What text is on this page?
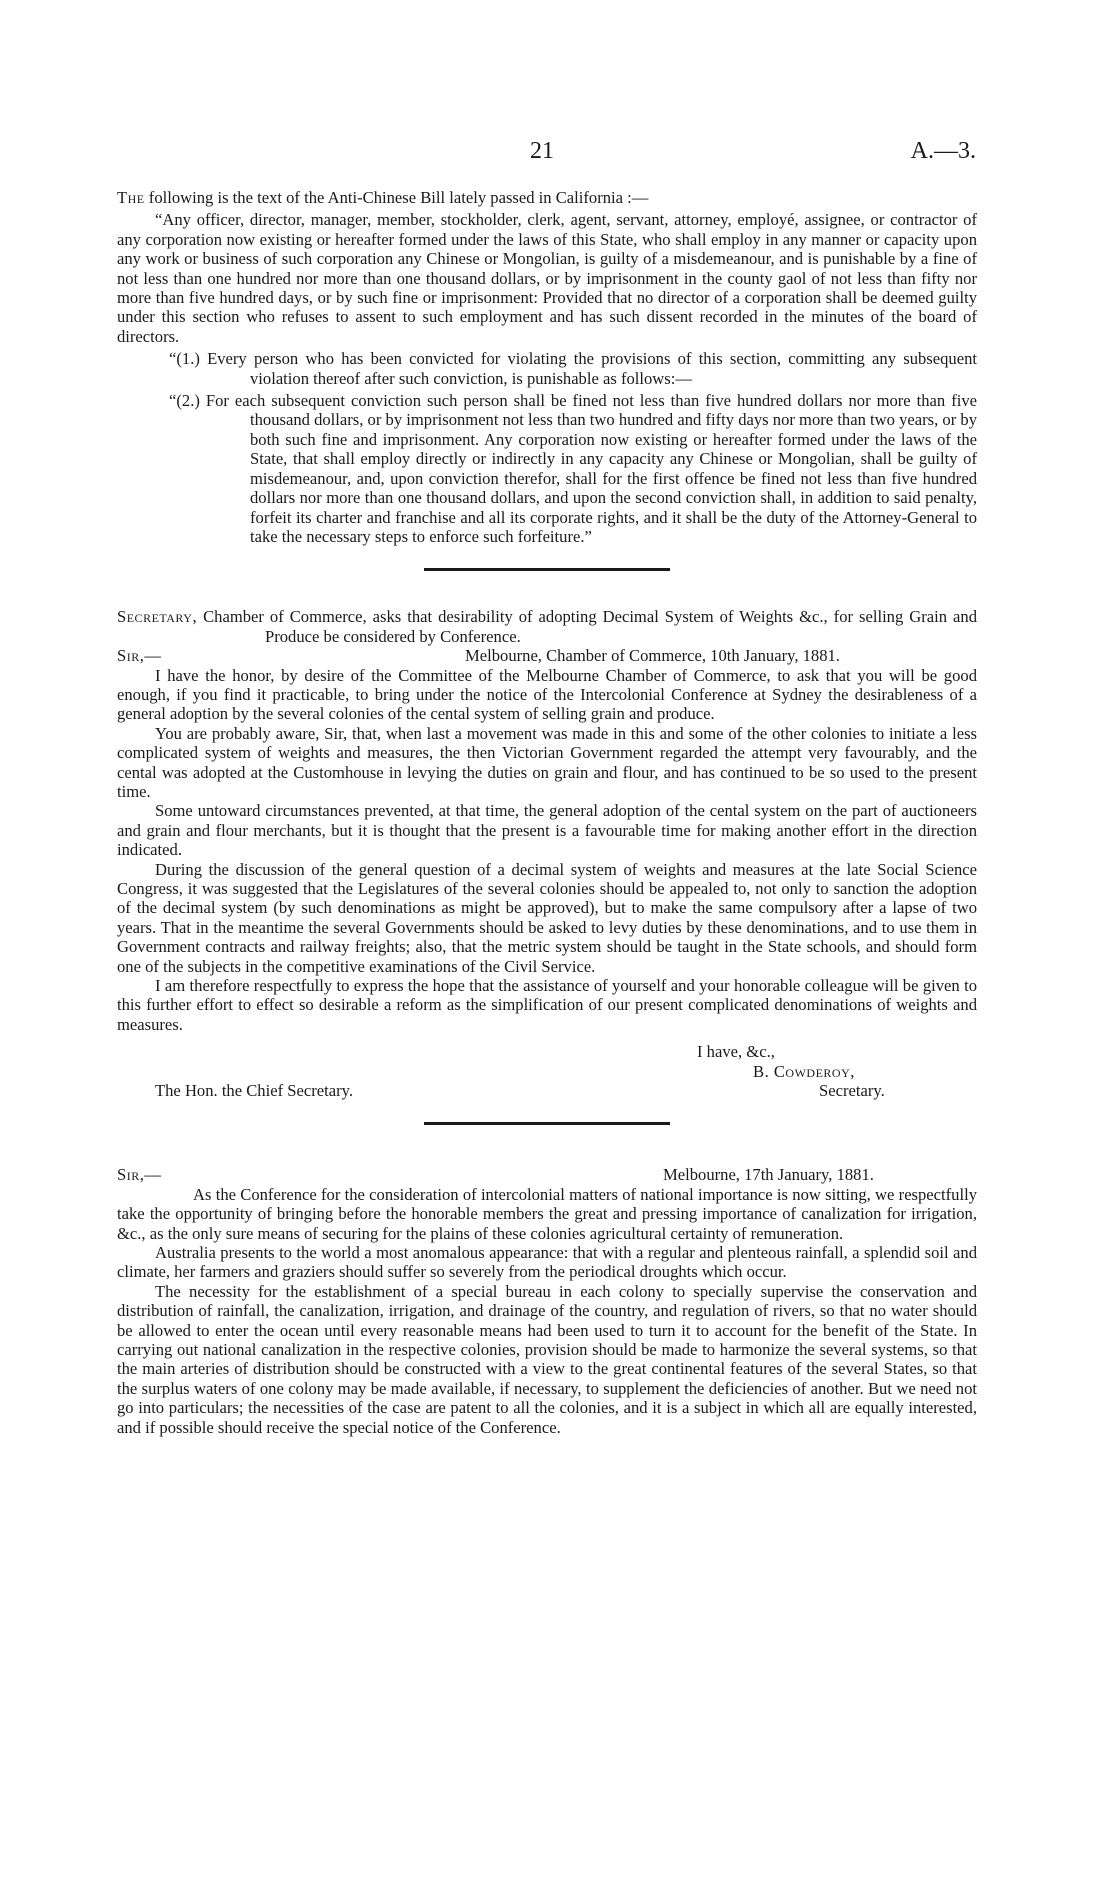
21	A.—3.

The following is the text of the Anti-Chinese Bill lately passed in California :—

“Any officer, director, manager, member, stockholder, clerk, agent, servant, attorney, employé, assignee, or contractor of any corporation now existing or hereafter formed under the laws of this State, who shall employ in any manner or capacity upon any work or business of such corporation any Chinese or Mongolian, is guilty of a misdemeanour, and is punishable by a fine of not less than one hundred nor more than one thousand dollars, or by imprisonment in the county gaol of not less than fifty nor more than five hundred days, or by such fine or imprisonment: Provided that no director of a corporation shall be deemed guilty under this section who refuses to assent to such employment and has such dissent recorded in the minutes of the board of directors.

“(1.) Every person who has been convicted for violating the provisions of this section, committing any subsequent violation thereof after such conviction, is punishable as follows:—

“(2.) For each subsequent conviction such person shall be fined not less than five hundred dollars nor more than five thousand dollars, or by imprisonment not less than two hundred and fifty days nor more than two years, or by both such fine and imprisonment. Any corporation now existing or hereafter formed under the laws of the State, that shall employ directly or indirectly in any capacity any Chinese or Mongolian, shall be guilty of misdemeanour, and, upon conviction therefor, shall for the first offence be fined not less than five hundred dollars nor more than one thousand dollars, and upon the second conviction shall, in addition to said penalty, forfeit its charter and franchise and all its corporate rights, and it shall be the duty of the Attorney-General to take the necessary steps to enforce such forfeiture.”

Secretary, Chamber of Commerce, asks that desirability of adopting Decimal System of Weights &c., for selling Grain and Produce be considered by Conference.

Sir,—	Melbourne, Chamber of Commerce, 10th January, 1881.

I have the honor, by desire of the Committee of the Melbourne Chamber of Commerce, to ask that you will be good enough, if you find it practicable, to bring under the notice of the Intercolonial Conference at Sydney the desirableness of a general adoption by the several colonies of the cental system of selling grain and produce.

You are probably aware, Sir, that, when last a movement was made in this and some of the other colonies to initiate a less complicated system of weights and measures, the then Victorian Government regarded the attempt very favourably, and the cental was adopted at the Customhouse in levying the duties on grain and flour, and has continued to be so used to the present time.

Some untoward circumstances prevented, at that time, the general adoption of the cental system on the part of auctioneers and grain and flour merchants, but it is thought that the present is a favourable time for making another effort in the direction indicated.

During the discussion of the general question of a decimal system of weights and measures at the late Social Science Congress, it was suggested that the Legislatures of the several colonies should be appealed to, not only to sanction the adoption of the decimal system (by such denominations as might be approved), but to make the same compulsory after a lapse of two years. That in the meantime the several Governments should be asked to levy duties by these denominations, and to use them in Government contracts and railway freights; also, that the metric system should be taught in the State schools, and should form one of the subjects in the competitive examinations of the Civil Service.

I am therefore respectfully to express the hope that the assistance of yourself and your honorable colleague will be given to this further effort to effect so desirable a reform as the simplification of our present complicated denominations of weights and measures.

I have, &c.,
B. Cowderoy,
The Hon. the Chief Secretary.	Secretary.
Sir,—	Melbourne, 17th January, 1881.

As the Conference for the consideration of intercolonial matters of national importance is now sitting, we respectfully take the opportunity of bringing before the honorable members the great and pressing importance of canalization for irrigation, &c., as the only sure means of securing for the plains of these colonies agricultural certainty of remuneration.

Australia presents to the world a most anomalous appearance: that with a regular and plenteous rainfall, a splendid soil and climate, her farmers and graziers should suffer so severely from the periodical droughts which occur.

The necessity for the establishment of a special bureau in each colony to specially supervise the conservation and distribution of rainfall, the canalization, irrigation, and drainage of the country, and regulation of rivers, so that no water should be allowed to enter the ocean until every reasonable means had been used to turn it to account for the benefit of the State. In carrying out national canalization in the respective colonies, provision should be made to harmonize the several systems, so that the main arteries of distribution should be constructed with a view to the great continental features of the several States, so that the surplus waters of one colony may be made available, if necessary, to supplement the deficiencies of another. But we need not go into particulars; the necessities of the case are patent to all the colonies, and it is a subject in which all are equally interested, and if possible should receive the special notice of the Conference.
